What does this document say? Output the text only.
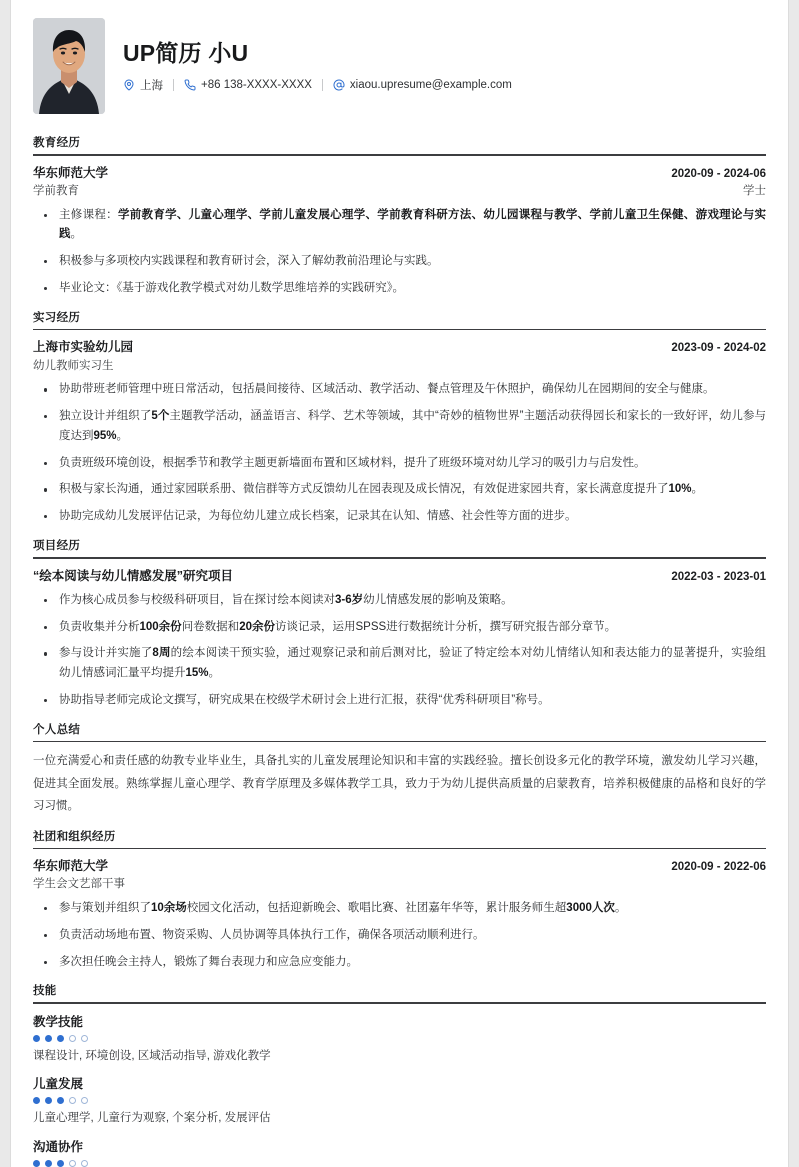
UP简历 小U
上海	+86 138-XXXX-XXXX	xiaou.upresume@example.com
教育经历
华东师范大学	2020-09 - 2024-06
学前教育	学士
主修课程：学前教育学、儿童心理学、学前儿童发展心理学、学前教育科研方法、幼儿园课程与教学、学前儿童卫生保健、游戏理论与实践。
积极参与多项校内实践课程和教育研讨会，深入了解幼教前沿理论与实践。
毕业论文：《基于游戏化教学模式对幼儿数学思维培养的实践研究》。
实习经历
上海市实验幼儿园	2023-09 - 2024-02
幼儿教师实习生
协助带班老师管理中班日常活动，包括晨间接待、区域活动、教学活动、餐点管理及午休照护，确保幼儿在园期间的安全与健康。
独立设计并组织了5个主题教学活动，涵盖语言、科学、艺术等领域，其中“奇妙的植物世界”主题活动获得园长和家长的一致好评，幼儿参与度达到95%。
负责班级环境创设，根据季节和教学主题更新墙面布置和区域材料，提升了班级环境对幼儿学习的吸引力与启发性。
积极与家长沟通，通过家园联系册、微信群等方式反馈幼儿在园表现及成长情况，有效促进家园共育，家长满意度提升了10%。
协助完成幼儿发展评估记录，为每位幼儿建立成长档案，记录其在认知、情感、社会性等方面的进步。
项目经历
“绘本阅读与幼儿情感发展”研究项目	2022-03 - 2023-01
作为核心成员参与校级科研项目，旨在探讨绘本阅读对3-6岁幼儿情感发展的影响及策略。
负责收集并分析100余份问卷数据和20余份访谈记录，运用SPSS进行数据统计分析，撰写研究报告部分章节。
参与设计并实施了8周的绘本阅读干预实验，通过观察记录和前后测对比，验证了特定绘本对幼儿情绪认知和表达能力的显著提升，实验组幼儿情感词汇量平均提升15%。
协助指导老师完成论文撰写，研究成果在校级学术研讨会上进行汇报，获得“优秀科研项目”称号。
个人总结

一位充满爱心和责任感的幼教专业毕业生，具备扎实的儿童发展理论知识和丰富的实践经验。擅长创设多元化的教学环境，激发幼儿学习兴趣，促进其全面发展。熟练掌握儿童心理学、教育学原理及多媒体教学工具，致力于为幼儿提供高质量的启蒙教育，培养积极健康的品格和良好的学习习惯。

社团和组织经历
华东师范大学	2020-09 - 2022-06
学生会文艺部干事
参与策划并组织了10余场校园文化活动，包括迎新晚会、歌唱比赛、社团嘉年华等，累计服务师生超3000人次。
负责活动场地布置、物资采购、人员协调等具体执行工作，确保各项活动顺利进行。
多次担任晚会主持人，锻炼了舞台表现力和应急应变能力。
技能
教学技能
课程设计, 环境创设, 区域活动指导, 游戏化教学
儿童发展
儿童心理学, 儿童行为观察, 个案分析, 发展评估
沟通协作
